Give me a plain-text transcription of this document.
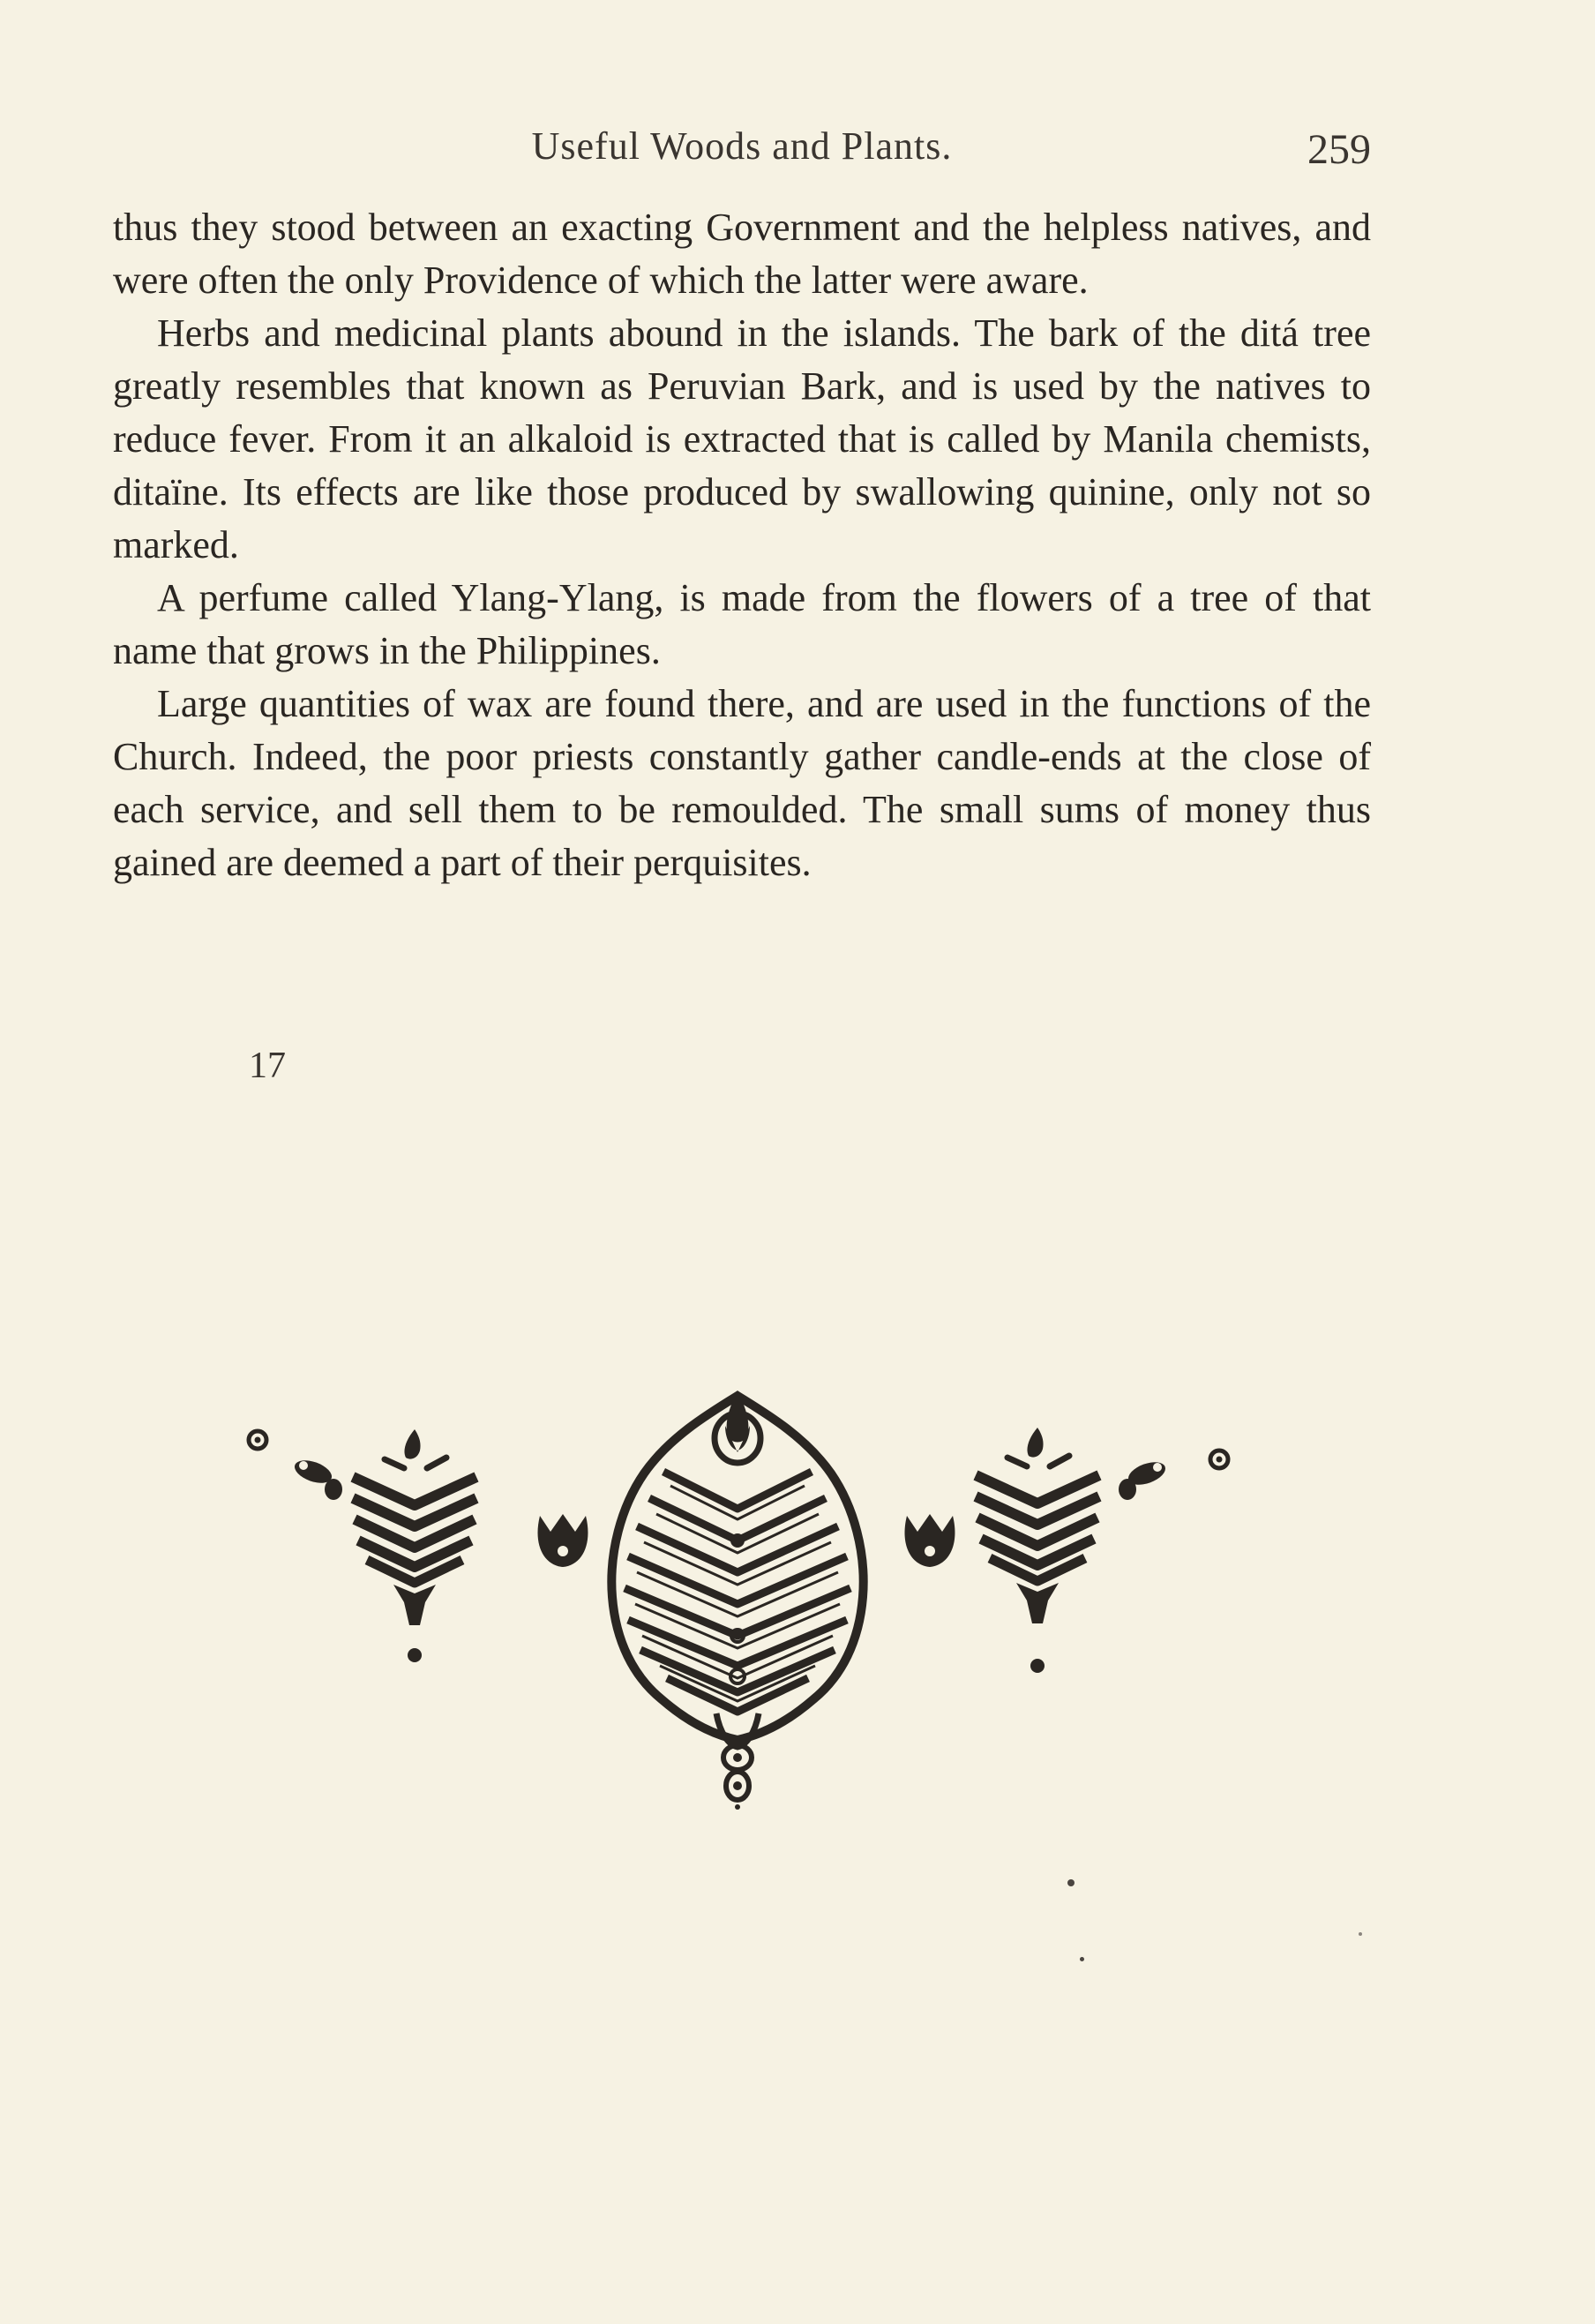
Useful Woods and Plants.	259

thus they stood between an exacting Government and the helpless natives, and were often the only Providence of which the latter were aware.

Herbs and medicinal plants abound in the islands. The bark of the ditá tree greatly resembles that known as Peruvian Bark, and is used by the natives to reduce fever. From it an alkaloid is extracted that is called by Manila chemists, ditaïne. Its effects are like those produced by swallowing quinine, only not so marked.

A perfume called Ylang-Ylang, is made from the flowers of a tree of that name that grows in the Philippines.

Large quantities of wax are found there, and are used in the functions of the Church. Indeed, the poor priests constantly gather candle-ends at the close of each service, and sell them to be remoulded. The small sums of money thus gained are deemed a part of their perquisites.

17
